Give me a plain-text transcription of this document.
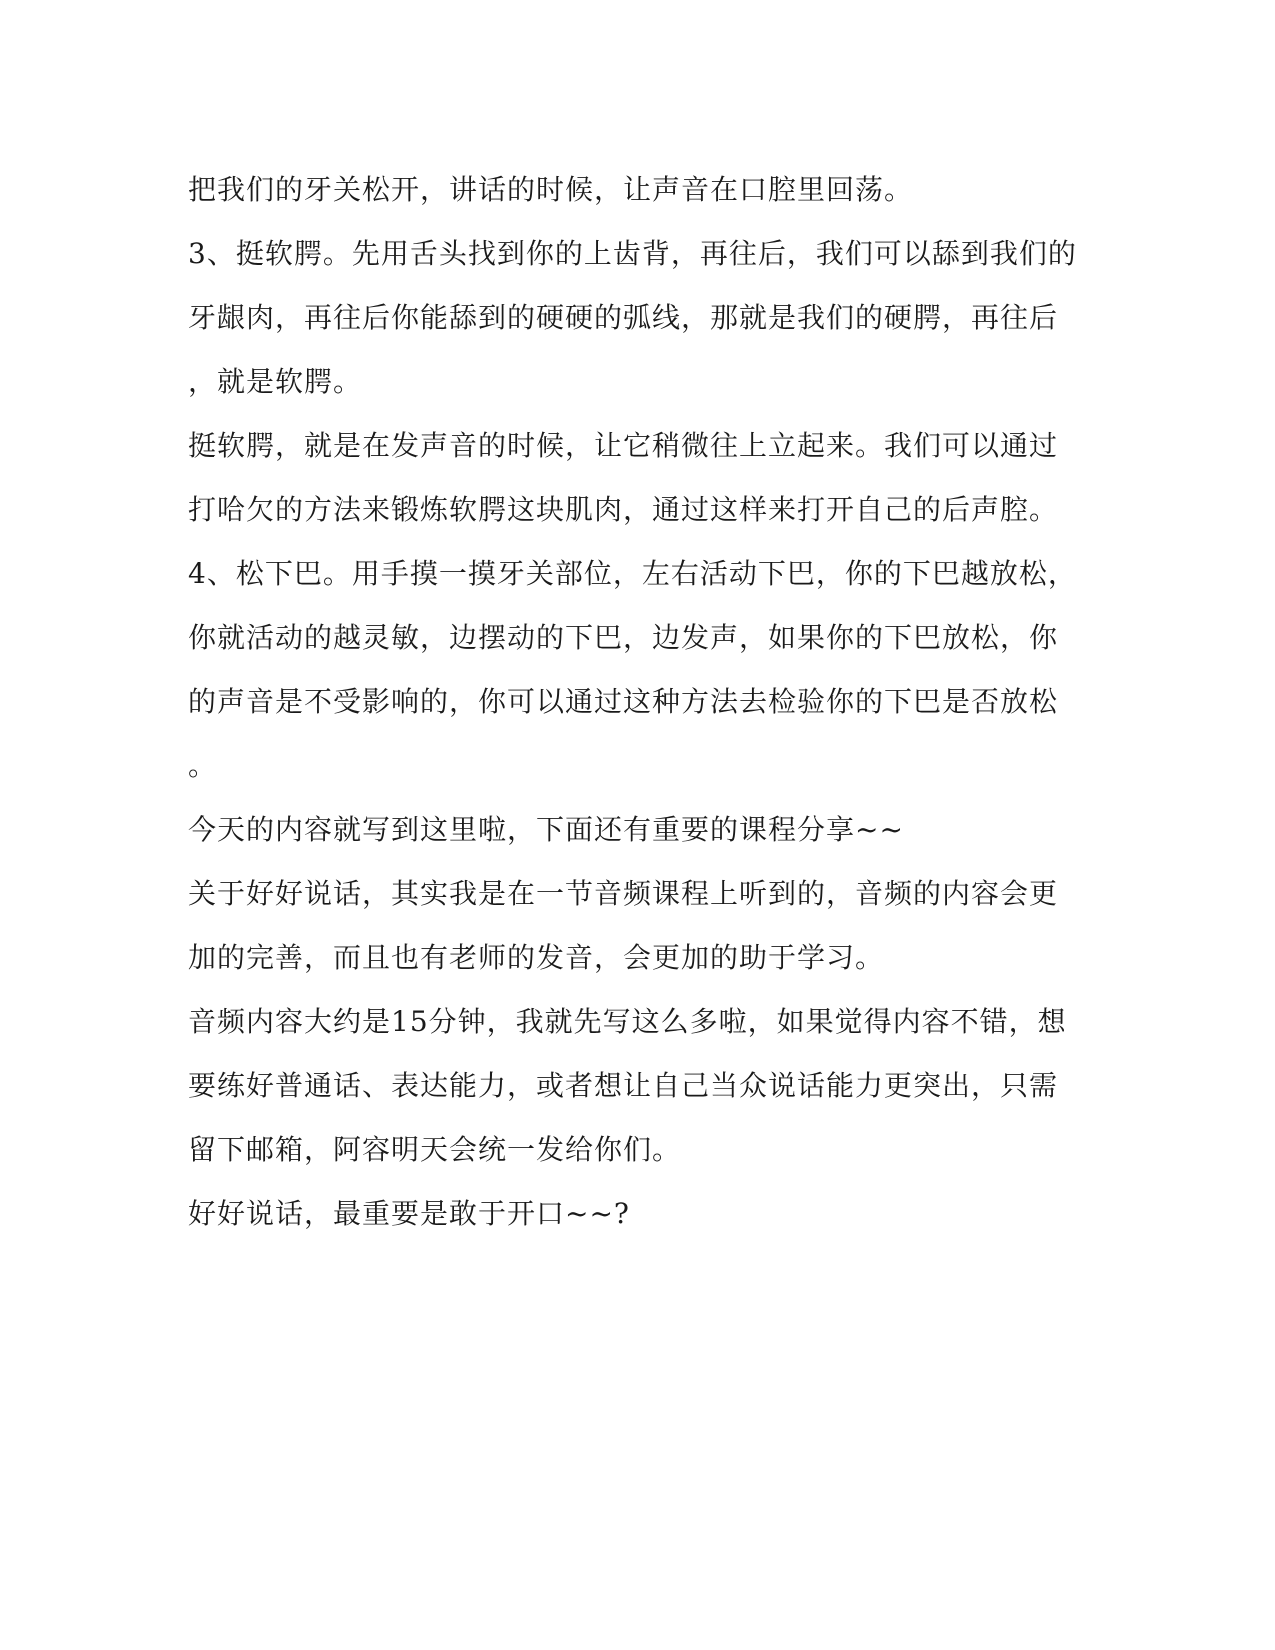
把我们的牙关松开，讲话的时候，让声音在口腔里回荡。

3、挺软腭。先用舌头找到你的上齿背，再往后，我们可以舔到我们的

牙龈肉，再往后你能舔到的硬硬的弧线，那就是我们的硬腭，再往后

，就是软腭。

挺软腭，就是在发声音的时候，让它稍微往上立起来。我们可以通过

打哈欠的方法来锻炼软腭这块肌肉，通过这样来打开自己的后声腔。

4、松下巴。用手摸一摸牙关部位，左右活动下巴，你的下巴越放松，

你就活动的越灵敏，边摆动的下巴，边发声，如果你的下巴放松，你

的声音是不受影响的，你可以通过这种方法去检验你的下巴是否放松

。

今天的内容就写到这里啦，下面还有重要的课程分享~~

关于好好说话，其实我是在一节音频课程上听到的，音频的内容会更

加的完善，而且也有老师的发音，会更加的助于学习。

音频内容大约是15分钟，我就先写这么多啦，如果觉得内容不错，想

要练好普通话、表达能力，或者想让自己当众说话能力更突出，只需

留下邮箱，阿容明天会统一发给你们。

好好说话，最重要是敢于开口~~?
